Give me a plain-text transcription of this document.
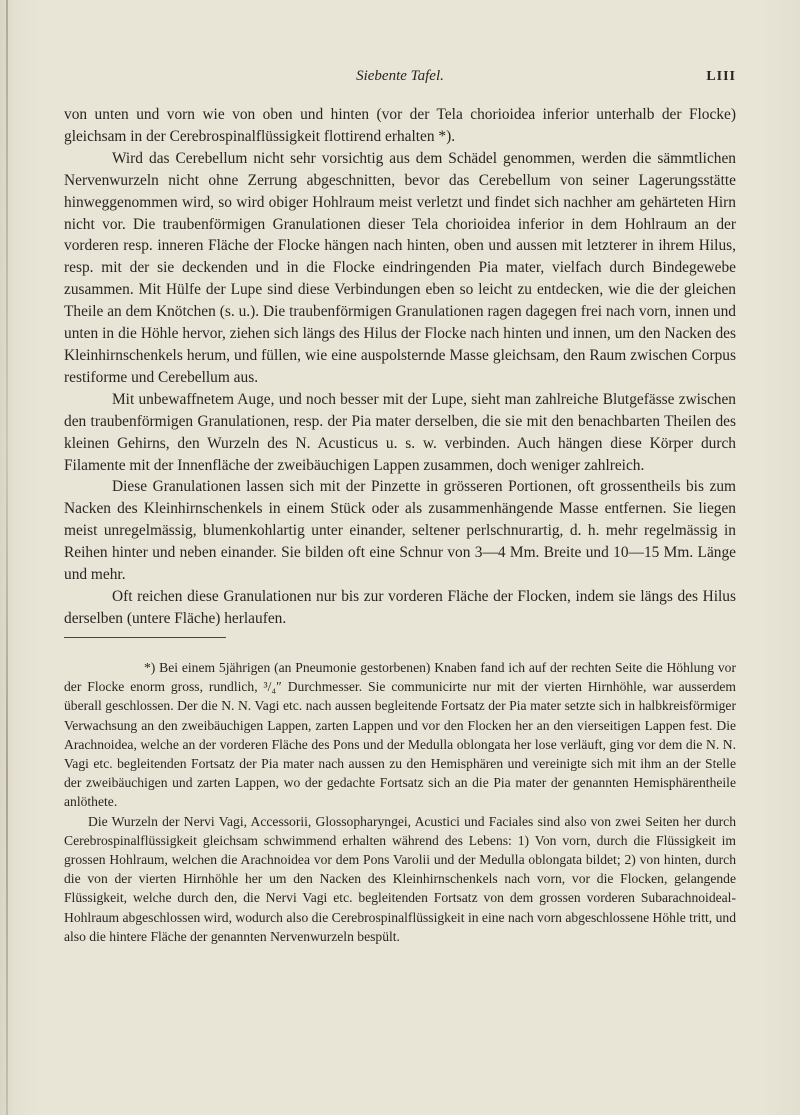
Siebente Tafel.	LIII

von unten und vorn wie von oben und hinten (vor der Tela chorioidea inferior unterhalb der Flocke) gleichsam in der Cerebrospinalflüssigkeit flottirend erhalten *).

Wird das Cerebellum nicht sehr vorsichtig aus dem Schädel genommen, werden die sämmtlichen Nervenwurzeln nicht ohne Zerrung abgeschnitten, bevor das Cerebellum von seiner Lagerungsstätte hinweggenommen wird, so wird obiger Hohlraum meist verletzt und findet sich nachher am gehärteten Hirn nicht vor. Die traubenförmigen Granulationen dieser Tela chorioidea inferior in dem Hohlraum an der vorderen resp. inneren Fläche der Flocke hängen nach hinten, oben und aussen mit letzterer in ihrem Hilus, resp. mit der sie deckenden und in die Flocke eindringenden Pia mater, vielfach durch Bindegewebe zusammen. Mit Hülfe der Lupe sind diese Verbindungen eben so leicht zu entdecken, wie die der gleichen Theile an dem Knötchen (s. u.). Die traubenförmigen Granulationen ragen dagegen frei nach vorn, innen und unten in die Höhle hervor, ziehen sich längs des Hilus der Flocke nach hinten und innen, um den Nacken des Kleinhirnschenkels herum, und füllen, wie eine auspolsternde Masse gleichsam, den Raum zwischen Corpus restiforme und Cerebellum aus.

Mit unbewaffnetem Auge, und noch besser mit der Lupe, sieht man zahlreiche Blutgefässe zwischen den traubenförmigen Granulationen, resp. der Pia mater derselben, die sie mit den benachbarten Theilen des kleinen Gehirns, den Wurzeln des N. Acusticus u. s. w. verbinden. Auch hängen diese Körper durch Filamente mit der Innenfläche der zweibäuchigen Lappen zusammen, doch weniger zahlreich.

Diese Granulationen lassen sich mit der Pinzette in grösseren Portionen, oft grossentheils bis zum Nacken des Kleinhirnschenkels in einem Stück oder als zusammenhängende Masse entfernen. Sie liegen meist unregelmässig, blumenkohlartig unter einander, seltener perlschnurartig, d. h. mehr regelmässig in Reihen hinter und neben einander. Sie bilden oft eine Schnur von 3—4 Mm. Breite und 10—15 Mm. Länge und mehr.

Oft reichen diese Granulationen nur bis zur vorderen Fläche der Flocken, indem sie längs des Hilus derselben (untere Fläche) herlaufen.

*) Bei einem 5jährigen (an Pneumonie gestorbenen) Knaben fand ich auf der rechten Seite die Höhlung vor der Flocke enorm gross, rundlich, ³/₄″ Durchmesser. Sie communicirte nur mit der vierten Hirnhöhle, war ausserdem überall geschlossen. Der die N. N. Vagi etc. nach aussen begleitende Fortsatz der Pia mater setzte sich in halbkreisförmiger Verwachsung an den zweibäuchigen Lappen, zarten Lappen und vor den Flocken her an den vierseitigen Lappen fest. Die Arachnoidea, welche an der vorderen Fläche des Pons und der Medulla oblongata her lose verläuft, ging vor dem die N. N. Vagi etc. begleitenden Fortsatz der Pia mater nach aussen zu den Hemisphären und vereinigte sich mit ihm an der Stelle der zweibäuchigen und zarten Lappen, wo der gedachte Fortsatz sich an die Pia mater der genannten Hemisphärentheile anlöthete.

Die Wurzeln der Nervi Vagi, Accessorii, Glossopharyngei, Acustici und Faciales sind also von zwei Seiten her durch Cerebrospinalflüssigkeit gleichsam schwimmend erhalten während des Lebens: 1) Von vorn, durch die Flüssigkeit im grossen Hohlraum, welchen die Arachnoidea vor dem Pons Varolii und der Medulla oblongata bildet; 2) von hinten, durch die von der vierten Hirnhöhle her um den Nacken des Kleinhirnschenkels nach vorn, vor die Flocken, gelangende Flüssigkeit, welche durch den, die Nervi Vagi etc. begleitenden Fortsatz von dem grossen vorderen Subarachnoideal-Hohlraum abgeschlossen wird, wodurch also die Cerebrospinalflüssigkeit in eine nach vorn abgeschlossene Höhle tritt, und also die hintere Fläche der genannten Nervenwurzeln bespült.
